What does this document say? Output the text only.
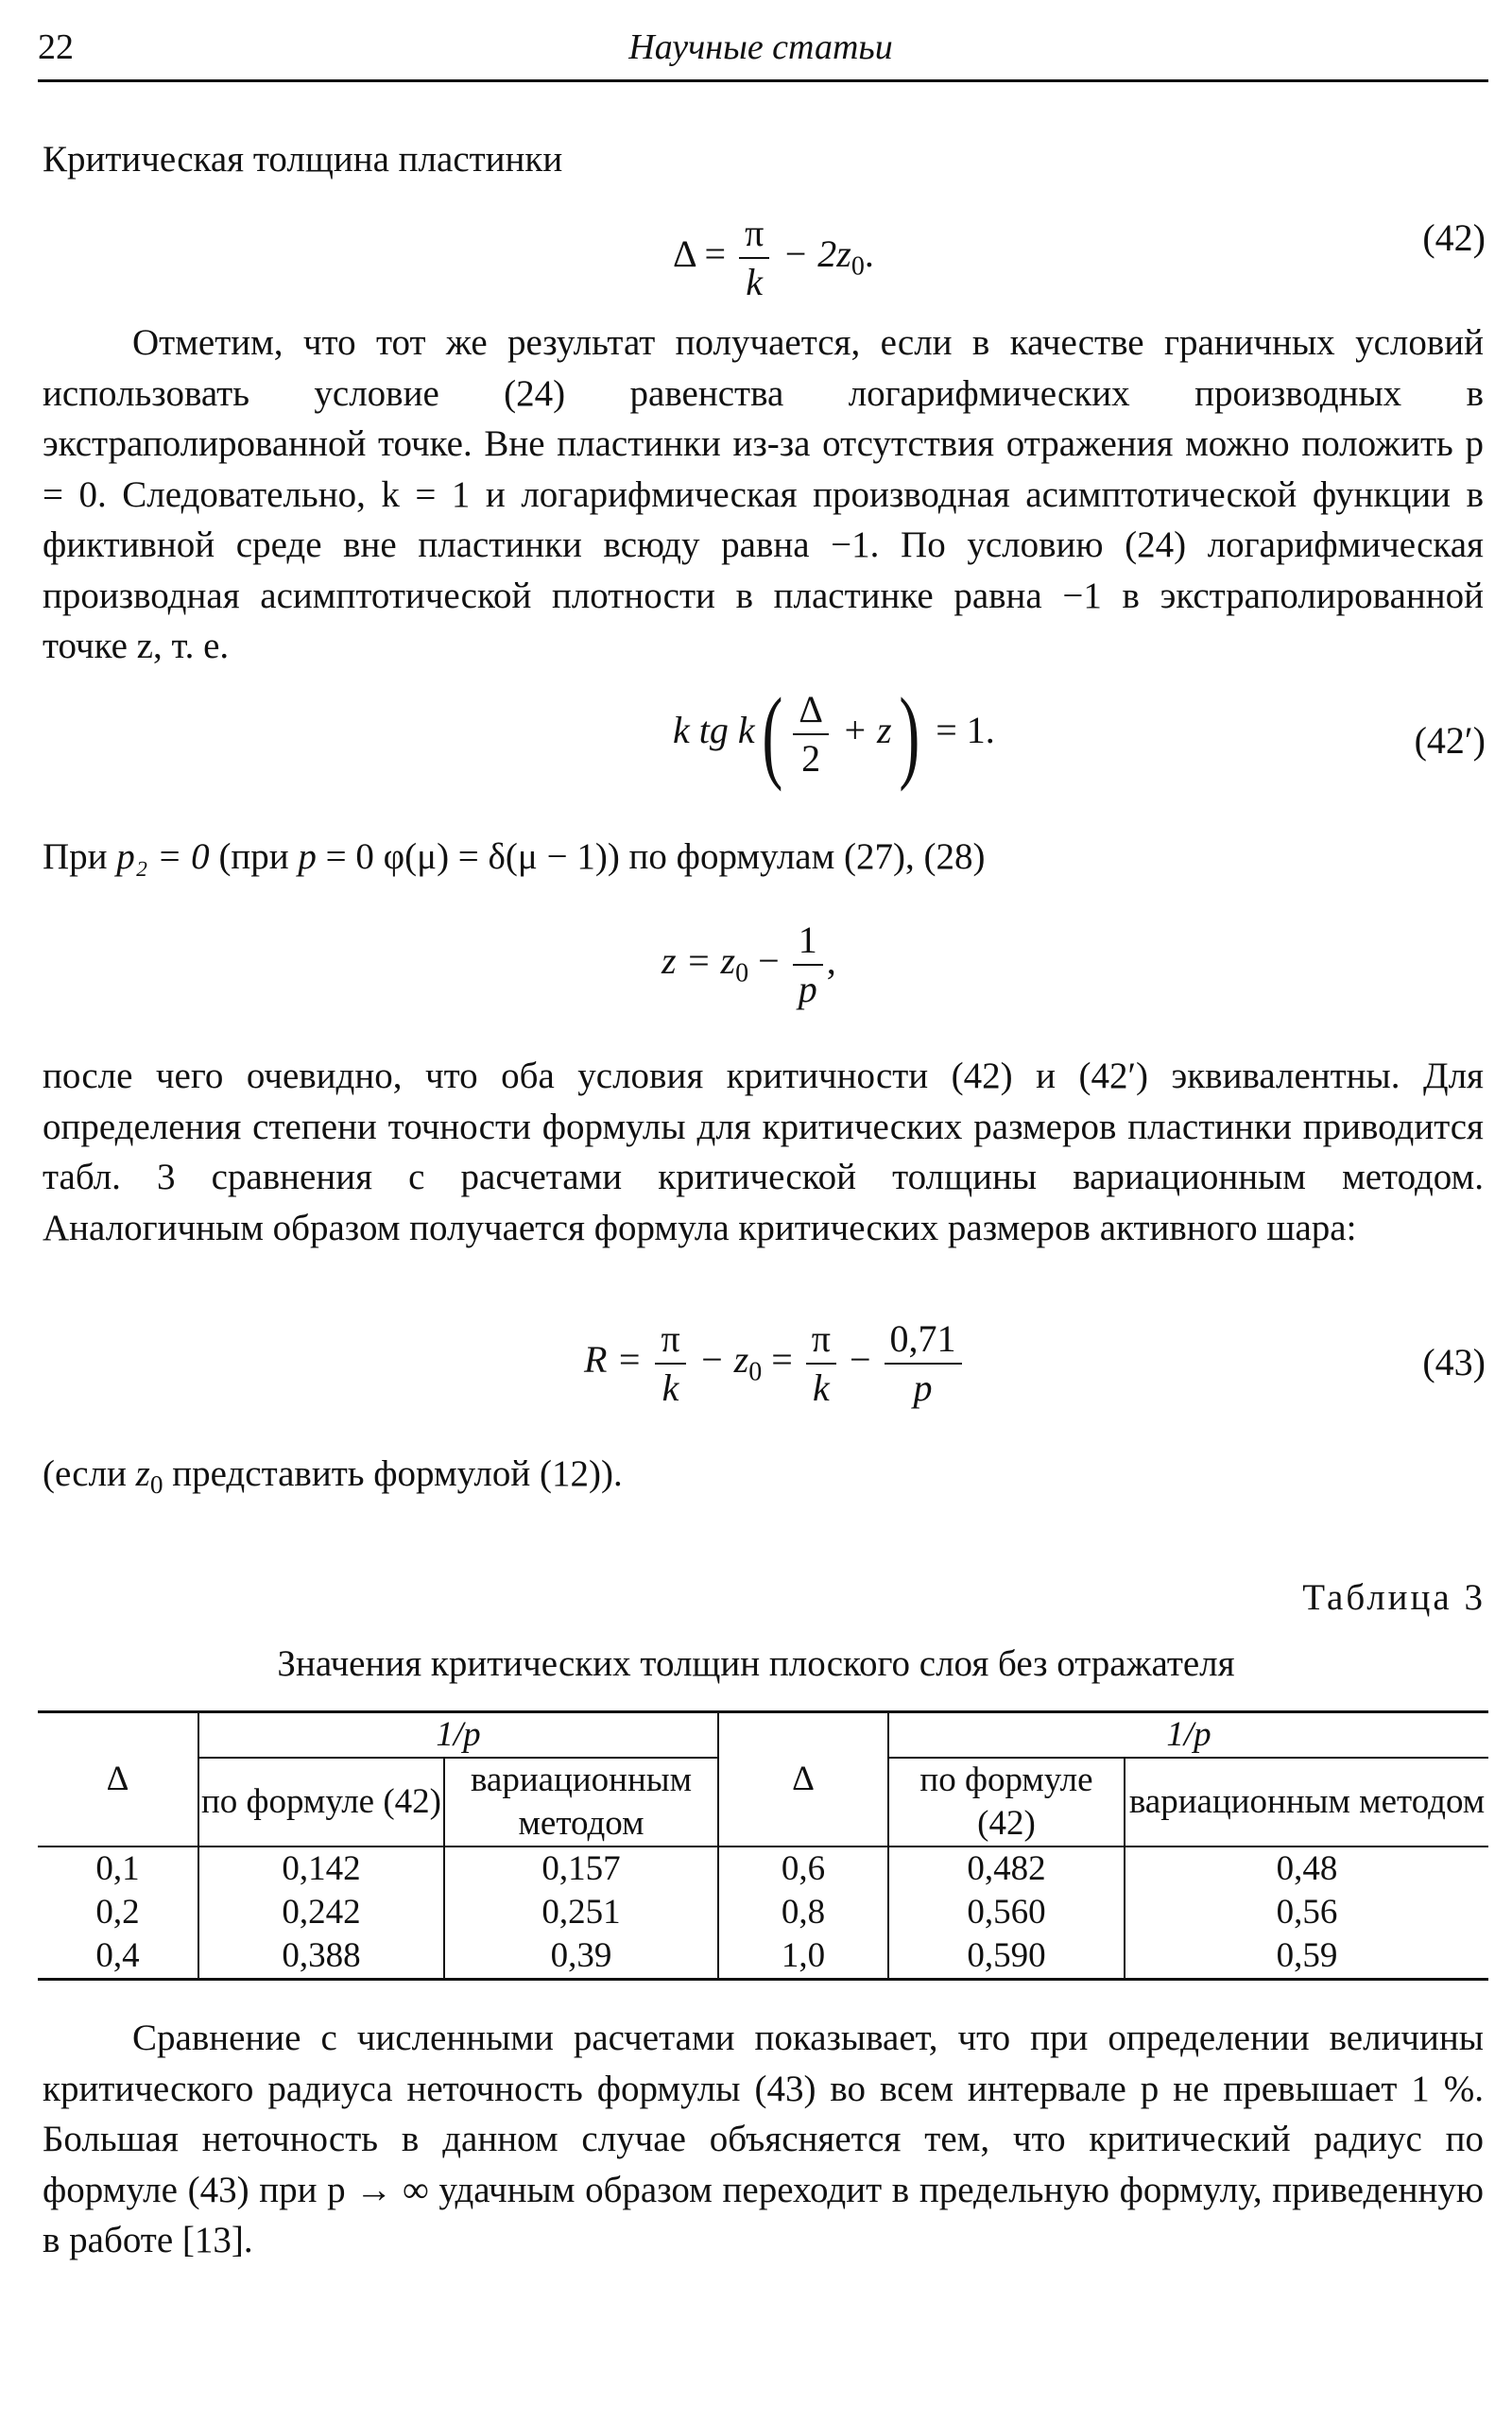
22	Научные статьи
Критическая толщина пластинки
$\Delta = \frac{\pi}{k} - 2z_0$.	(42)
Отметим, что тот же результат получается, если в качестве граничных условий использовать условие (24) равенства логарифмических производных в экстраполированной точке. Вне пластинки из-за отсутствия отражения можно положить p = 0. Следовательно, k = 1 и логарифмическая производная асимптотической функции в фиктивной среде вне пластинки всюду равна −1. По условию (24) логарифмическая производная асимптотической плотности в пластинке равна −1 в экстраполированной точке z, т. е.
k tg $k( \frac{\Delta}{2} + z) = 1$.	(42′)
При p₂ = 0 (при p = 0 φ(μ) = δ(μ − 1)) по формулам (27), (28)
$z = z_0 - \frac{1}{p}$ ,
после чего очевидно, что оба условия критичности (42) и (42′) эквивалентны. Для определения степени точности формулы для критических размеров пластинки приводится табл. 3 сравнения с расчетами критической толщины вариационным методом. Аналогичным образом получается формула критических размеров активного шара:
$R = \frac{\pi}{k} - z_0 = \frac{\pi}{k} - \frac{0,71}{p}$	(43)
(если $z_0$ представить формулой (12)).
Таблица 3
Значения критических толщин плоского слоя без отражателя
Δ	1/p		Δ	1/p	
	по формуле (42)	вариационным методом		по формуле (42)	вариационным методом
0,1	0,142	0,157	0,6	0,482	0,48
0,2	0,242	0,251	0,8	0,560	0,56
0,4	0,388	0,39	1,0	0,590	0,59
Сравнение с численными расчетами показывает, что при определении величины критического радиуса неточность формулы (43) во всем интервале p не превышает 1 %. Большая неточность в данном случае объясняется тем, что критический радиус по формуле (43) при p → ∞ удачным образом переходит в предельную формулу, приведенную в работе [13].
